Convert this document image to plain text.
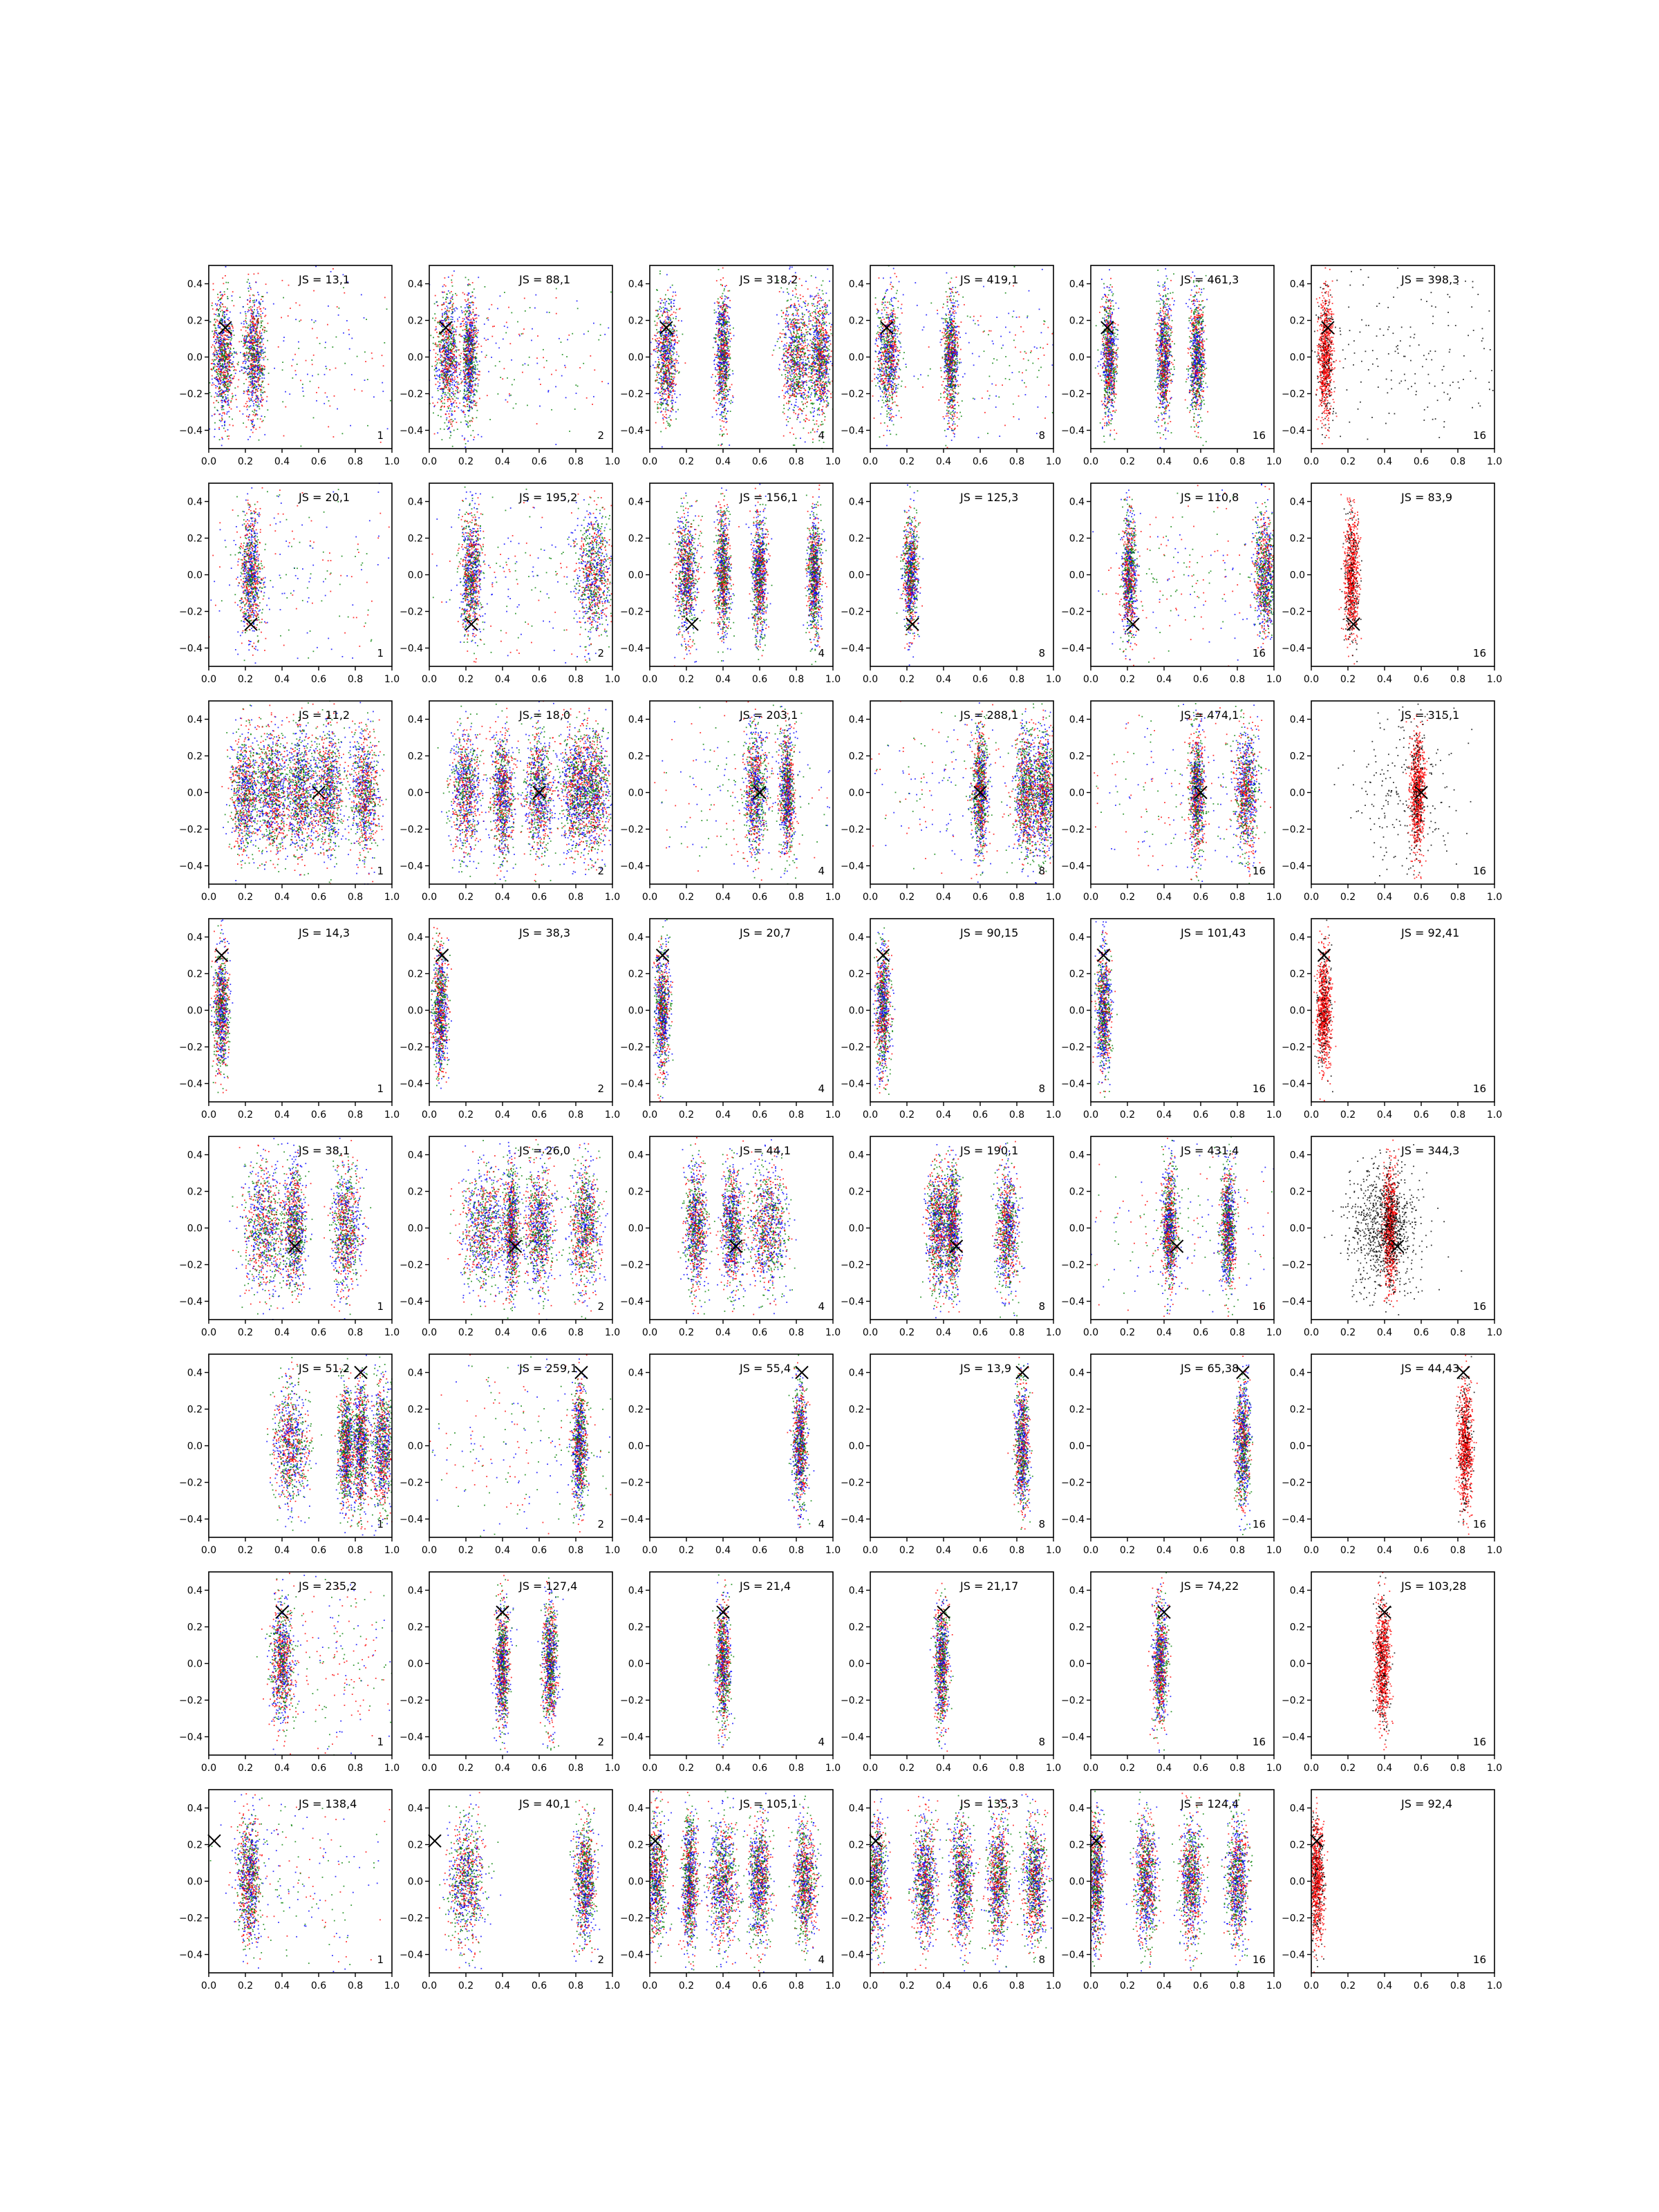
0.0 0.2 0.4 0.6 0.8 1.0
0.4
0.2
0.0
−0.2
−0.4
JS = 13,1
1
0.0 0.2 0.4 0.6 0.8 1.0
0.4
0.2
0.0
−0.2
−0.4
JS = 88,1
2
0.0 0.2 0.4 0.6 0.8 1.0
0.4
0.2
0.0
−0.2
−0.4
JS = 318,2
4
0.0 0.2 0.4 0.6 0.8 1.0
0.4
0.2
0.0
−0.2
−0.4
JS = 419,1
8
0.0 0.2 0.4 0.6 0.8 1.0
0.4
0.2
0.0
−0.2
−0.4
JS = 461,3
16
0.0 0.2 0.4 0.6 0.8 1.0
0.4
0.2
0.0
−0.2
−0.4
JS = 398,3
16
0.0 0.2 0.4 0.6 0.8 1.0
0.4
0.2
0.0
−0.2
−0.4
JS = 20,1
1
0.0 0.2 0.4 0.6 0.8 1.0
0.4
0.2
0.0
−0.2
−0.4
JS = 195,2
2
0.0 0.2 0.4 0.6 0.8 1.0
0.4
0.2
0.0
−0.2
−0.4
JS = 156,1
4
0.0 0.2 0.4 0.6 0.8 1.0
0.4
0.2
0.0
−0.2
−0.4
JS = 125,3
8
0.0 0.2 0.4 0.6 0.8 1.0
0.4
0.2
0.0
−0.2
−0.4
JS = 110,8
16
0.0 0.2 0.4 0.6 0.8 1.0
0.4
0.2
0.0
−0.2
−0.4
JS = 83,9
16
0.0 0.2 0.4 0.6 0.8 1.0
0.4
0.2
0.0
−0.2
−0.4
JS = 11,2
1
0.0 0.2 0.4 0.6 0.8 1.0
0.4
0.2
0.0
−0.2
−0.4
JS = 18,0
2
0.0 0.2 0.4 0.6 0.8 1.0
0.4
0.2
0.0
−0.2
−0.4
JS = 203,1
4
0.0 0.2 0.4 0.6 0.8 1.0
0.4
0.2
0.0
−0.2
−0.4
JS = 288,1
8
0.0 0.2 0.4 0.6 0.8 1.0
0.4
0.2
0.0
−0.2
−0.4
JS = 474,1
16
0.0 0.2 0.4 0.6 0.8 1.0
0.4
0.2
0.0
−0.2
−0.4
JS = 315,1
16
0.0 0.2 0.4 0.6 0.8 1.0
0.4
0.2
0.0
−0.2
−0.4
JS = 14,3
1
0.0 0.2 0.4 0.6 0.8 1.0
0.4
0.2
0.0
−0.2
−0.4
JS = 38,3
2
0.0 0.2 0.4 0.6 0.8 1.0
0.4
0.2
0.0
−0.2
−0.4
JS = 20,7
4
0.0 0.2 0.4 0.6 0.8 1.0
0.4
0.2
0.0
−0.2
−0.4
JS = 90,15
8
0.0 0.2 0.4 0.6 0.8 1.0
0.4
0.2
0.0
−0.2
−0.4
JS = 101,43
16
0.0 0.2 0.4 0.6 0.8 1.0
0.4
0.2
0.0
−0.2
−0.4
JS = 92,41
16
0.0 0.2 0.4 0.6 0.8 1.0
0.4
0.2
0.0
−0.2
−0.4
JS = 38,1
1
0.0 0.2 0.4 0.6 0.8 1.0
0.4
0.2
0.0
−0.2
−0.4
JS = 26,0
2
0.0 0.2 0.4 0.6 0.8 1.0
0.4
0.2
0.0
−0.2
−0.4
JS = 44,1
4
0.0 0.2 0.4 0.6 0.8 1.0
0.4
0.2
0.0
−0.2
−0.4
JS = 190,1
8
0.0 0.2 0.4 0.6 0.8 1.0
0.4
0.2
0.0
−0.2
−0.4
JS = 431,4
16
0.0 0.2 0.4 0.6 0.8 1.0
0.4
0.2
0.0
−0.2
−0.4
JS = 344,3
16
0.0 0.2 0.4 0.6 0.8 1.0
0.4
0.2
0.0
−0.2
−0.4
JS = 51,2
1
0.0 0.2 0.4 0.6 0.8 1.0
0.4
0.2
0.0
−0.2
−0.4
JS = 259,1
2
0.0 0.2 0.4 0.6 0.8 1.0
0.4
0.2
0.0
−0.2
−0.4
JS = 55,4
4
0.0 0.2 0.4 0.6 0.8 1.0
0.4
0.2
0.0
−0.2
−0.4
JS = 13,9
8
0.0 0.2 0.4 0.6 0.8 1.0
0.4
0.2
0.0
−0.2
−0.4
JS = 65,38
16
0.0 0.2 0.4 0.6 0.8 1.0
0.4
0.2
0.0
−0.2
−0.4
JS = 44,43
16
0.0 0.2 0.4 0.6 0.8 1.0
0.4
0.2
0.0
−0.2
−0.4
JS = 235,2
1
0.0 0.2 0.4 0.6 0.8 1.0
0.4
0.2
0.0
−0.2
−0.4
JS = 127,4
2
0.0 0.2 0.4 0.6 0.8 1.0
0.4
0.2
0.0
−0.2
−0.4
JS = 21,4
4
0.0 0.2 0.4 0.6 0.8 1.0
0.4
0.2
0.0
−0.2
−0.4
JS = 21,17
8
0.0 0.2 0.4 0.6 0.8 1.0
0.4
0.2
0.0
−0.2
−0.4
JS = 74,22
16
0.0 0.2 0.4 0.6 0.8 1.0
0.4
0.2
0.0
−0.2
−0.4
JS = 103,28
16
0.0 0.2 0.4 0.6 0.8 1.0
0.4
0.2
0.0
−0.2
−0.4
JS = 138,4
1
0.0 0.2 0.4 0.6 0.8 1.0
0.4
0.2
0.0
−0.2
−0.4
JS = 40,1
2
0.0 0.2 0.4 0.6 0.8 1.0
0.4
0.2
0.0
−0.2
−0.4
JS = 105,1
4
0.0 0.2 0.4 0.6 0.8 1.0
0.4
0.2
0.0
−0.2
−0.4
JS = 135,3
8
0.0 0.2 0.4 0.6 0.8 1.0
0.4
0.2
0.0
−0.2
−0.4
JS = 124,4
16
0.0 0.2 0.4 0.6 0.8 1.0
0.4
0.2
0.0
−0.2
−0.4
JS = 92,4
16
